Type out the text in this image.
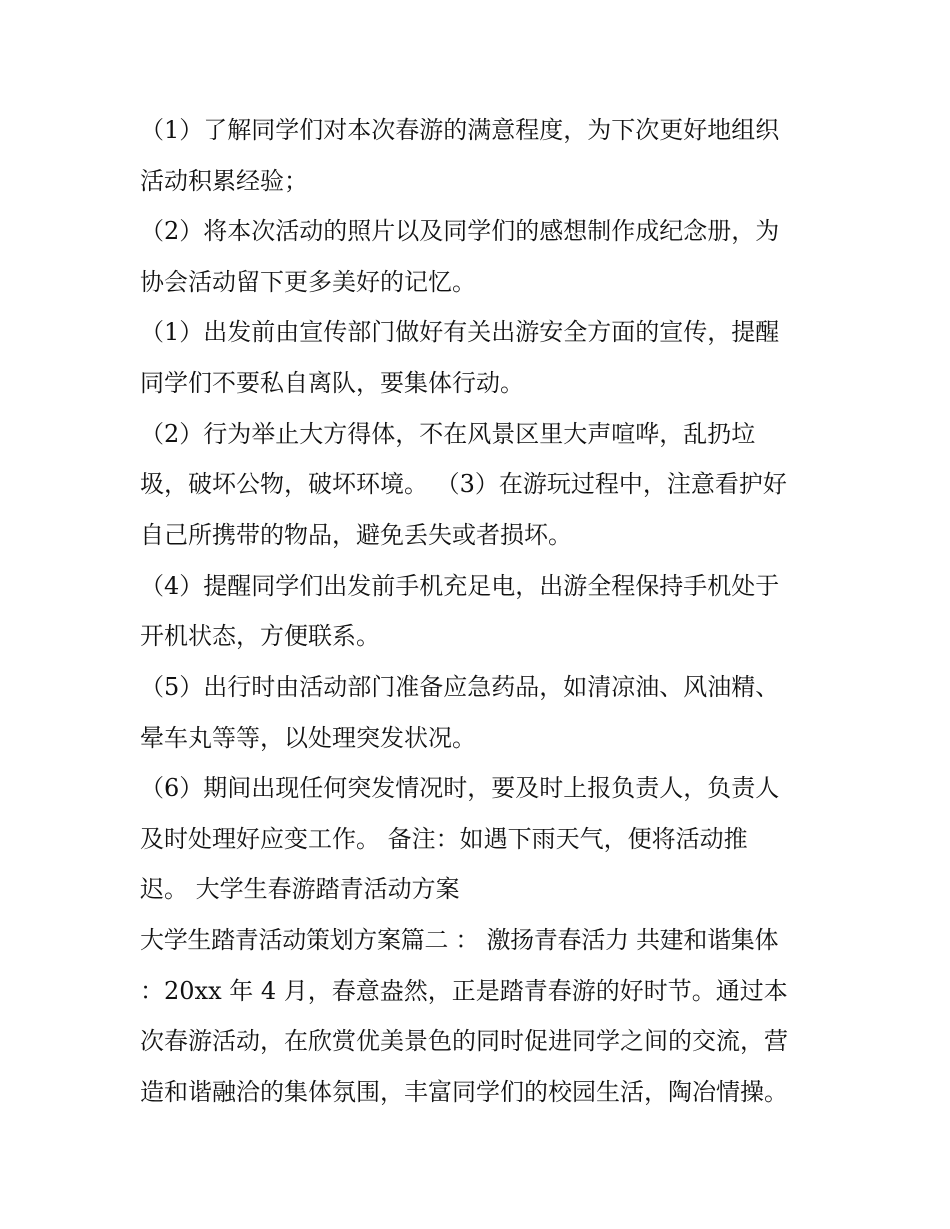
（1）了解同学们对本次春游的满意程度，为下次更好地组织

活动积累经验；

（2）将本次活动的照片以及同学们的感想制作成纪念册，为

协会活动留下更多美好的记忆。

（1）出发前由宣传部门做好有关出游安全方面的宣传，提醒

同学们不要私自离队，要集体行动。

（2）行为举止大方得体，不在风景区里大声喧哗，乱扔垃

圾，破坏公物，破坏环境。 （3）在游玩过程中，注意看护好

自己所携带的物品，避免丢失或者损坏。

（4）提醒同学们出发前手机充足电，出游全程保持手机处于

开机状态，方便联系。

（5）出行时由活动部门准备应急药品，如清凉油、风油精、

晕车丸等等，以处理突发状况。

（6）期间出现任何突发情况时，要及时上报负责人，负责人

及时处理好应变工作。 备注：如遇下雨天气，便将活动推

迟。 大学生春游踏青活动方案

大学生踏青活动策划方案篇二 ： 激扬青春活力 共建和谐集体

：20xx 年 4 月，春意盎然，正是踏青春游的好时节。通过本

次春游活动，在欣赏优美景色的同时促进同学之间的交流，营

造和谐融洽的集体氛围，丰富同学们的校园生活，陶冶情操。
